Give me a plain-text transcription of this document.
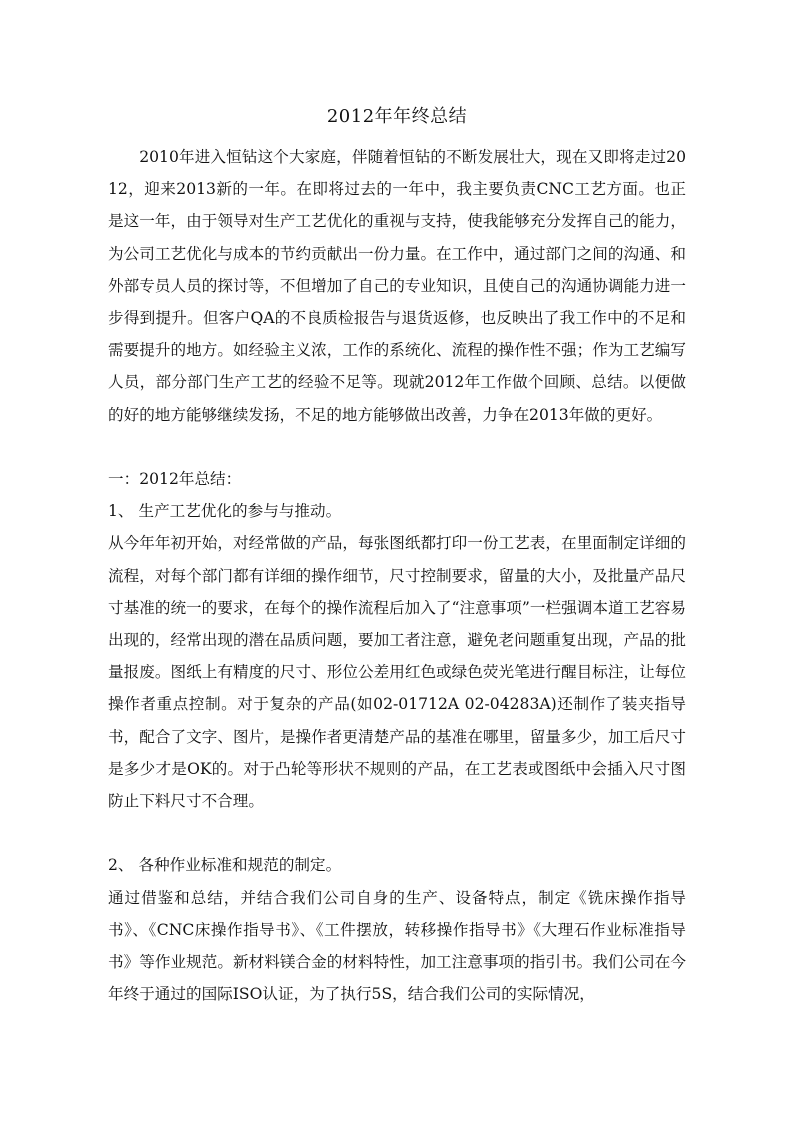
2012年年终总结

2010年进入恒钻这个大家庭，伴随着恒钻的不断发展壮大，现在又即将走过2012，迎来2013新的一年。在即将过去的一年中，我主要负责CNC工艺方面。也正是这一年，由于领导对生产工艺优化的重视与支持，使我能够充分发挥自己的能力，为公司工艺优化与成本的节约贡献出一份力量。在工作中，通过部门之间的沟通、和外部专员人员的探讨等，不但增加了自己的专业知识，且使自己的沟通协调能力进一步得到提升。但客户QA的不良质检报告与退货返修，也反映出了我工作中的不足和需要提升的地方。如经验主义浓，工作的系统化、流程的操作性不强；作为工艺编写人员，部分部门生产工艺的经验不足等。现就2012年工作做个回顾、总结。以便做的好的地方能够继续发扬，不足的地方能够做出改善，力争在2013年做的更好。

一：2012年总结：

1、 生产工艺优化的参与与推动。

从今年年初开始，对经常做的产品，每张图纸都打印一份工艺表，在里面制定详细的流程，对每个部门都有详细的操作细节，尺寸控制要求，留量的大小，及批量产品尺寸基准的统一的要求，在每个的操作流程后加入了“注意事项”一栏强调本道工艺容易出现的，经常出现的潜在品质问题，要加工者注意，避免老问题重复出现，产品的批量报废。图纸上有精度的尺寸、形位公差用红色或绿色荧光笔进行醒目标注，让每位操作者重点控制。对于复杂的产品(如02-01712A 02-04283A)还制作了装夹指导书，配合了文字、图片，是操作者更清楚产品的基准在哪里，留量多少，加工后尺寸是多少才是OK的。对于凸轮等形状不规则的产品，在工艺表或图纸中会插入尺寸图防止下料尺寸不合理。

2、 各种作业标准和规范的制定。

通过借鉴和总结，并结合我们公司自身的生产、设备特点，制定《铣床操作指导书》、《CNC床操作指导书》、《工件摆放，转移操作指导书》《大理石作业标准指导书》等作业规范。新材料镁合金的材料特性，加工注意事项的指引书。我们公司在今年终于通过的国际ISO认证，为了执行5S，结合我们公司的实际情况，
